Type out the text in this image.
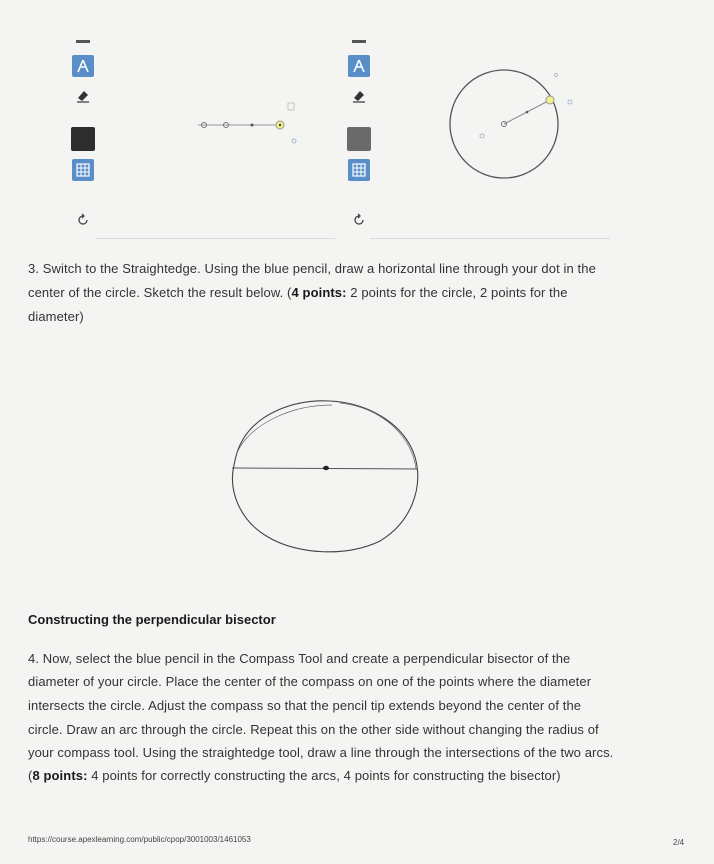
3. Switch to the Straightedge. Using the blue pencil, draw a horizontal line through your dot in the
center of the circle. Sketch the result below. (4 points: 2 points for the circle, 2 points for the
diameter)
Constructing the perpendicular bisector
4. Now, select the blue pencil in the Compass Tool and create a perpendicular bisector of the
diameter of your circle. Place the center of the compass on one of the points where the diameter
intersects the circle. Adjust the compass so that the pencil tip extends beyond the center of the
circle. Draw an arc through the circle. Repeat this on the other side without changing the radius of
your compass tool. Using the straightedge tool, draw a line through the intersections of the two arcs.
(8 points: 4 points for correctly constructing the arcs, 4 points for constructing the bisector)
https://course.apexlearning.com/public/cpop/3001003/1461053	2/4
